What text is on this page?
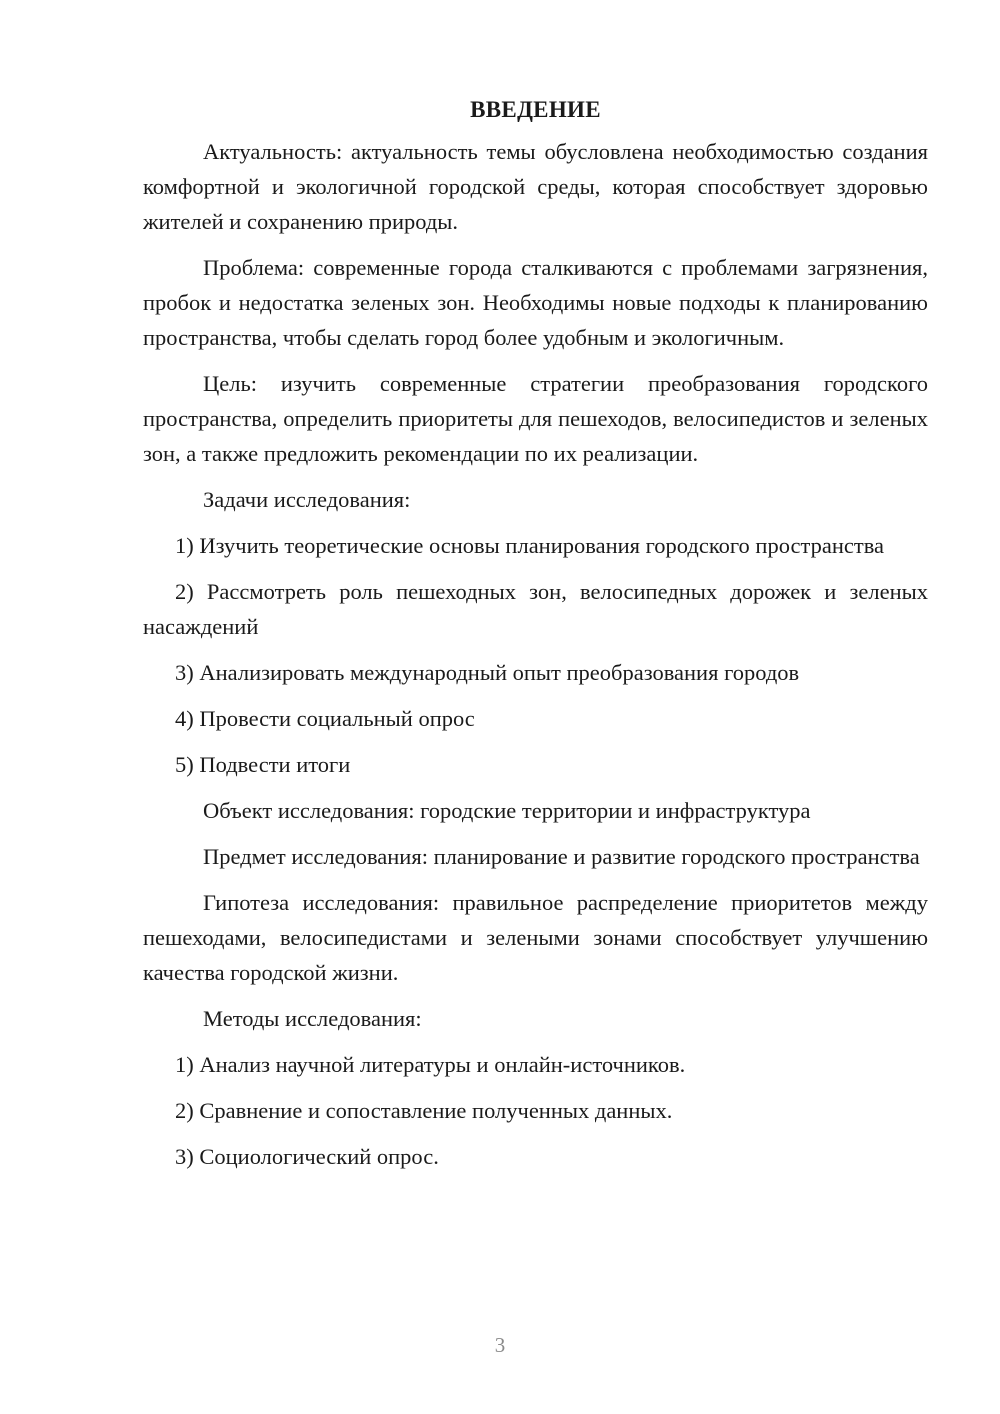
ВВЕДЕНИЕ

Актуальность: актуальность темы обусловлена необходимостью создания комфортной и экологичной городской среды, которая способствует здоровью жителей и сохранению природы.

Проблема: современные города сталкиваются с проблемами загрязнения, пробок и недостатка зеленых зон. Необходимы новые подходы к планированию пространства, чтобы сделать город более удобным и экологичным.

Цель: изучить современные стратегии преобразования городского пространства, определить приоритеты для пешеходов, велосипедистов и зеленых зон, а также предложить рекомендации по их реализации.

Задачи исследования:

1) Изучить теоретические основы планирования городского пространства

2) Рассмотреть роль пешеходных зон, велосипедных дорожек и зеленых насаждений

3) Анализировать международный опыт преобразования городов

4) Провести социальный опрос

5) Подвести итоги

Объект исследования: городские территории и инфраструктура

Предмет исследования: планирование и развитие городского пространства

Гипотеза исследования: правильное распределение приоритетов между пешеходами, велосипедистами и зелеными зонами способствует улучшению качества городской жизни.

Методы исследования:

1) Анализ научной литературы и онлайн-источников.

2) Сравнение и сопоставление полученных данных.

3) Социологический опрос.

3
